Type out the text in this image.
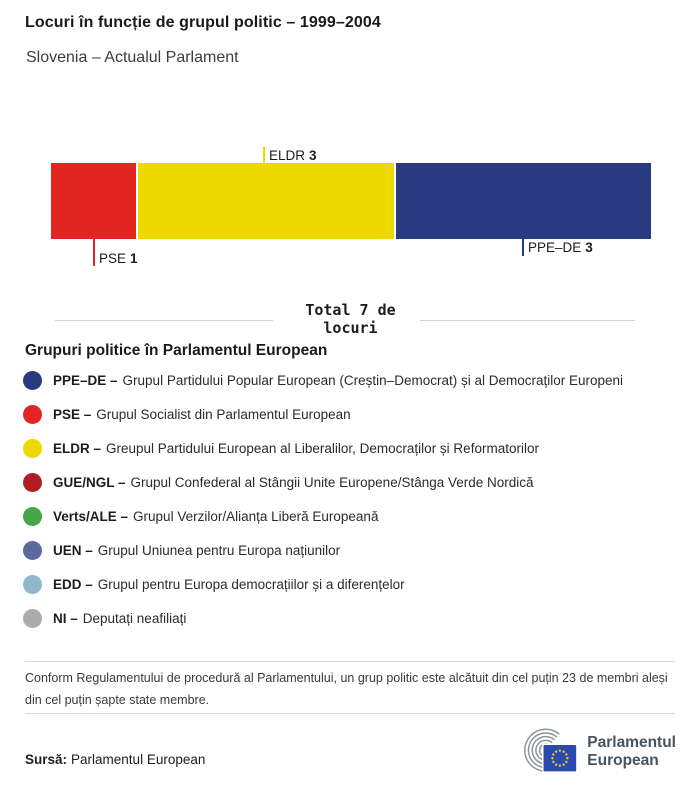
Locuri în funcție de grupul politic – 1999–2004
Slovenia – Actualul Parlament
ELDR 3
PSE 1
PPE–DE 3
Total 7 de
locuri
Grupuri politice în Parlamentul European
PPE–DE – Grupul Partidului Popular European (Creștin–Democrat) și al Democraților Europeni
PSE – Grupul Socialist din Parlamentul European
ELDR – Greupul Partidului European al Liberalilor, Democraților și Reformatorilor
GUE/NGL – Grupul Confederal al Stângii Unite Europene/Stânga Verde Nordică
Verts/ALE – Grupul Verzilor/Alianța Liberă Europeană
UEN – Grupul Uniunea pentru Europa națiunilor
EDD – Grupul pentru Europa democrațiilor și a diferențelor
NI – Deputați neafiliați
Conform Regulamentului de procedură al Parlamentului, un grup politic este alcătuit din cel puțin 23 de membri aleși din cel puțin șapte state membre.
Sursă: Parlamentul European
Parlamentul
European
